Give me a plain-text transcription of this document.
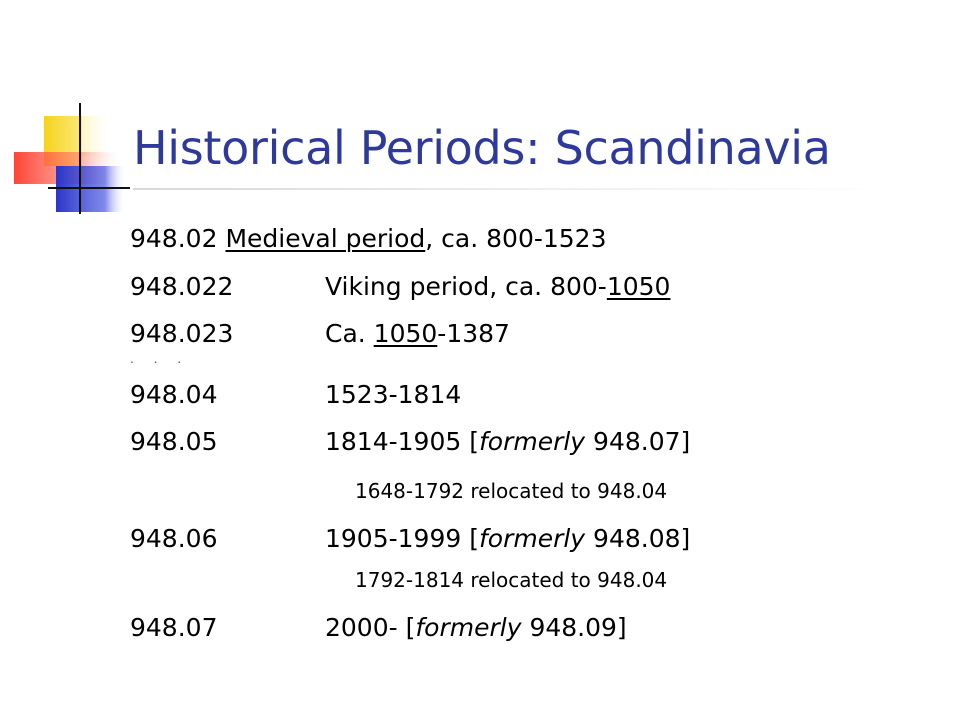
Historical Periods: Scandinavia
948.02 Medieval period, ca. 800-1523
948.022	Viking period, ca. 800-1050
948.023	Ca. 1050-1387
. . .
948.04	1523-1814
948.05	1814-1905 [formerly 948.07]
1648-1792 relocated to 948.04
948.06	1905-1999 [formerly 948.08]
1792-1814 relocated to 948.04
948.07	2000- [formerly 948.09]
